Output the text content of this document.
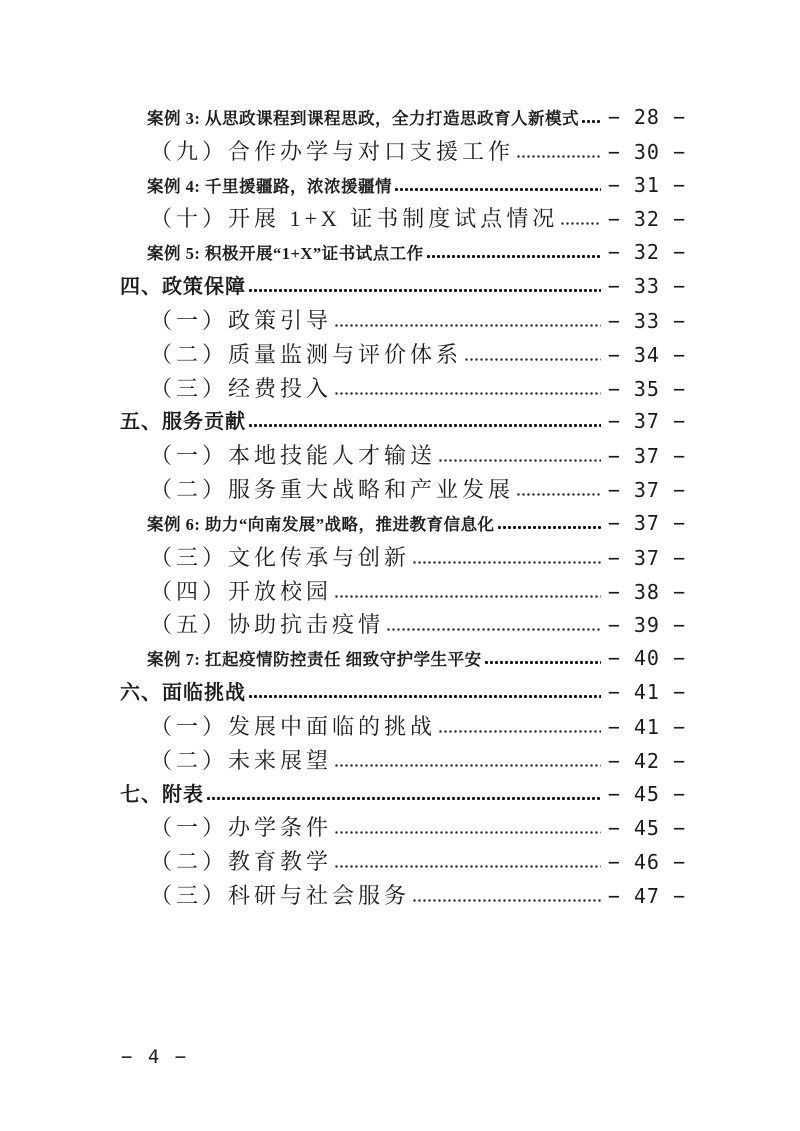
案例 3: 从思政课程到课程思政，全力打造思政育人新模式 − 28 −
（九）合作办学与对口支援工作	− 30 −
案例 4: 千里援疆路，浓浓援疆情	− 31 −
（十）开展 1+X 证书制度试点情况 − 32 −
案例 5: 积极开展“1+X”证书试点工作	− 32 −
四、政策保障	− 33 −
（一）政策引导	− 33 −
（二）质量监测与评价体系	− 34 −
（三）经费投入	− 35 −
五、服务贡献	− 37 −
（一）本地技能人才输送	− 37 −
（二）服务重大战略和产业发展	− 37 −
案例 6: 助力“向南发展”战略，推进教育信息化	− 37 −
（三）文化传承与创新	− 37 −
（四）开放校园	− 38 −
（五）协助抗击疫情	− 39 −
案例 7: 扛起疫情防控责任 细致守护学生平安	− 40 −
六、面临挑战	− 41 −
（一）发展中面临的挑战	− 41 −
（二）未来展望	− 42 −
七、附表	− 45 −
（一）办学条件	− 45 −
（二）教育教学	− 46 −
（三）科研与社会服务	− 47 −
− 4 −
